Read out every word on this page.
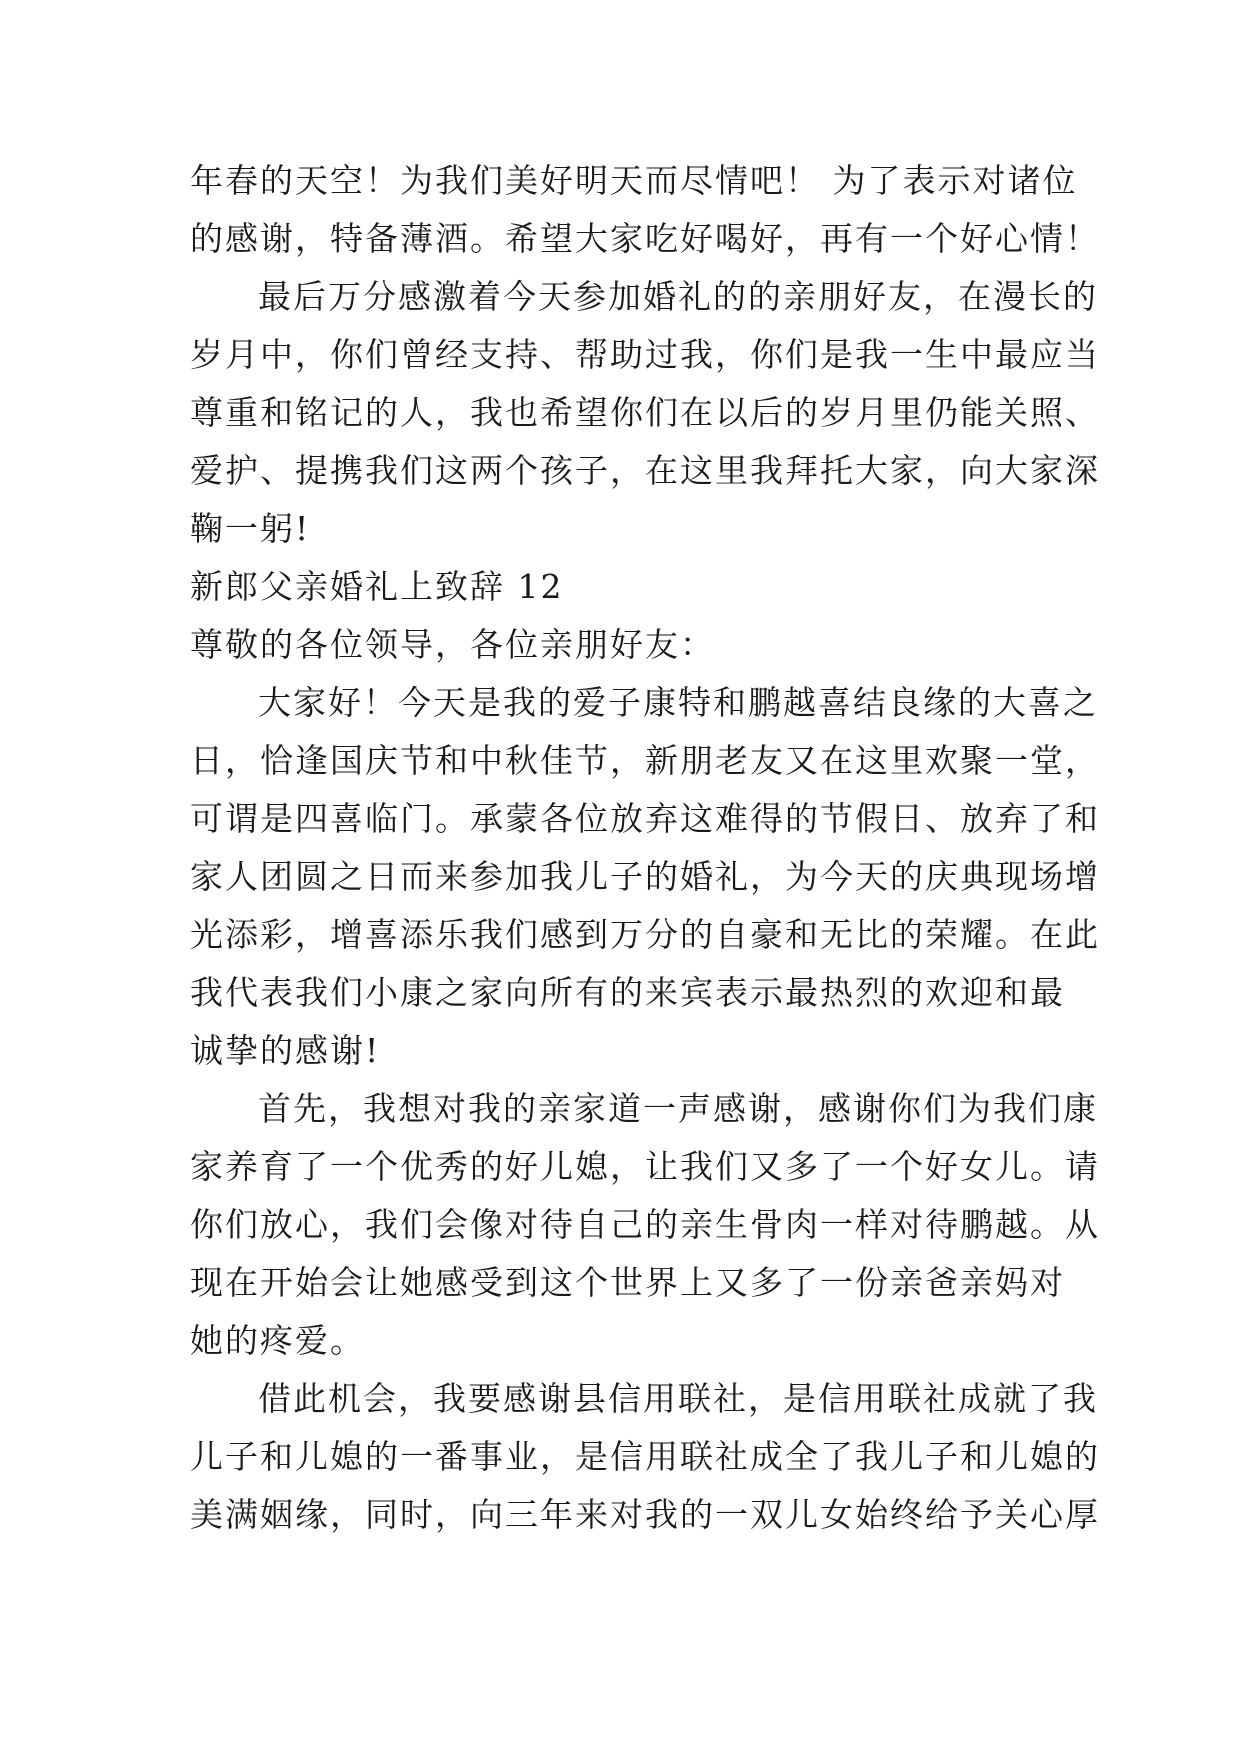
年春的天空！为我们美好明天而尽情吧！ 为了表示对诸位
的感谢，特备薄酒。希望大家吃好喝好，再有一个好心情！
最后万分感激着今天参加婚礼的的亲朋好友，在漫长的
岁月中，你们曾经支持、帮助过我，你们是我一生中最应当
尊重和铭记的人，我也希望你们在以后的岁月里仍能关照、
爱护、提携我们这两个孩子，在这里我拜托大家，向大家深
鞠一躬!
新郎父亲婚礼上致辞 12
尊敬的各位领导，各位亲朋好友：
大家好！今天是我的爱子康特和鹏越喜结良缘的大喜之
日，恰逢国庆节和中秋佳节，新朋老友又在这里欢聚一堂，
可谓是四喜临门。承蒙各位放弃这难得的节假日、放弃了和
家人团圆之日而来参加我儿子的婚礼，为今天的庆典现场增
光添彩，增喜添乐我们感到万分的自豪和无比的荣耀。在此
我代表我们小康之家向所有的来宾表示最热烈的欢迎和最
诚挚的感谢!
首先，我想对我的亲家道一声感谢，感谢你们为我们康
家养育了一个优秀的好儿媳，让我们又多了一个好女儿。请
你们放心，我们会像对待自己的亲生骨肉一样对待鹏越。从
现在开始会让她感受到这个世界上又多了一份亲爸亲妈对
她的疼爱。
借此机会，我要感谢县信用联社，是信用联社成就了我
儿子和儿媳的一番事业，是信用联社成全了我儿子和儿媳的
美满姻缘，同时，向三年来对我的一双儿女始终给予关心厚
